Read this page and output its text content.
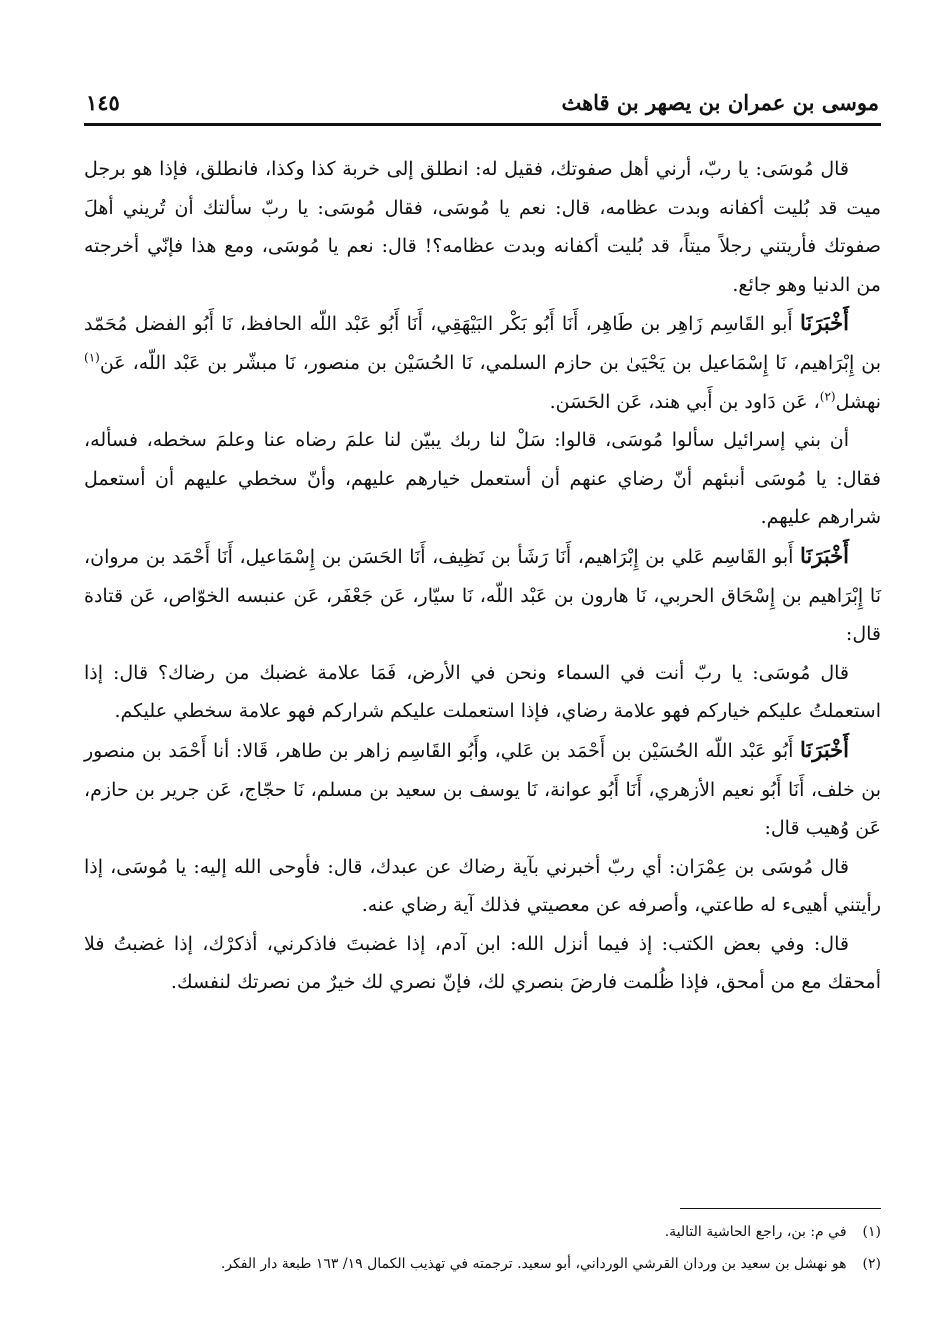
موسى بن عمران بن يصهر بن قاهث
١٤٥

قال مُوسَى: يا ربّ، أرني أهل صفوتك، فقيل له: انطلق إلى خربة كذا وكذا، فانطلق، فإذا هو برجل ميت قد بُليت أكفانه وبدت عظامه، قال: نعم يا مُوسَى، فقال مُوسَى: يا ربّ سألتك أن تُريني أهلَ صفوتك فأريتني رجلاً ميتاً، قد بُليت أكفانه وبدت عظامه؟! قال: نعم يا مُوسَى، ومع هذا فإنّي أخرجته من الدنيا وهو جائع.

أَخْبَرَنَا أَبو القَاسِم زَاهِر بن طَاهِر، أَنَا أَبُو بَكْر البَيْهَقِي، أَنَا أَبُو عَبْد اللّه الحافظ، نَا أَبُو الفضل مُحَمّد بن إِبْرَاهيم، نَا إِسْمَاعيل بن يَحْيَىٰ بن حازم السلمي، نَا الحُسَيْن بن منصور، نَا مبشّر بن عَبْد اللّه، عَن$^{(١)}$ نهشل$^{(٢)}$، عَن دَاود بن أَبي هند، عَن الحَسَن.

أن بني إسرائيل سألوا مُوسَى، قالوا: سَلْ لنا ربك يبيّن لنا علمَ رضاه عنا وعلمَ سخطه، فسأله، فقال: يا مُوسَى أنبئهم أنّ رضاي عنهم أن أستعمل خيارهم عليهم، وأنّ سخطي عليهم أن أستعمل شرارهم عليهم.

أَخْبَرَنَا أَبو القَاسِم عَلي بن إِبْرَاهيم، أَنَا رَشَأ بن نَظِيف، أَنَا الحَسَن بن إِسْمَاعيل، أَنَا أَحْمَد بن مروان، نَا إِبْرَاهيم بن إِسْحَاق الحربي، نَا هارون بن عَبْد اللّه، نَا سيّار، عَن جَعْفَر، عَن عنبسه الخوّاص، عَن قتادة قال:

قال مُوسَى: يا ربّ أنت في السماء ونحن في الأرض، فَمَا علامة غضبك من رضاك؟ قال: إذا استعملتُ عليكم خياركم فهو علامة رضاي، فإذا استعملت عليكم شراركم فهو علامة سخطي عليكم.

أَخْبَرَنَا أَبُو عَبْد اللّه الحُسَيْن بن أَحْمَد بن عَلي، وأَبُو القَاسِم زاهر بن طاهر، قَالا: أنا أَحْمَد بن منصور بن خلف، أَنَا أَبُو نعيم الأزهري، أَنَا أَبُو عوانة، نَا يوسف بن سعيد بن مسلم، نَا حجّاج، عَن جرير بن حازم، عَن وُهيب قال:

قال مُوسَى بن عِمْرَان: أي ربّ أخبرني بآية رضاك عن عبدك، قال: فأوحى الله إليه: يا مُوسَى، إذا رأيتني أهيىء له طاعتي، وأصرفه عن معصيتي فذلك آية رضاي عنه.

قال: وفي بعض الكتب: إذ فيما أنزل الله: ابن آدم، إذا غضبتَ فاذكرني، أذكرْك، إذا غضبتُ فلا أمحقك مع من أمحق، فإذا ظُلمت فارضَ بنصري لك، فإنّ نصري لك خيرٌ من نصرتك لنفسك.

(١) في م: بن، راجع الحاشية التالية.

(٢) هو نهشل بن سعيد بن وردان القرشي الورداني، أبو سعيد. ترجمته في تهذيب الكمال ١٩/ ١٦٣ طبعة دار الفكر.
